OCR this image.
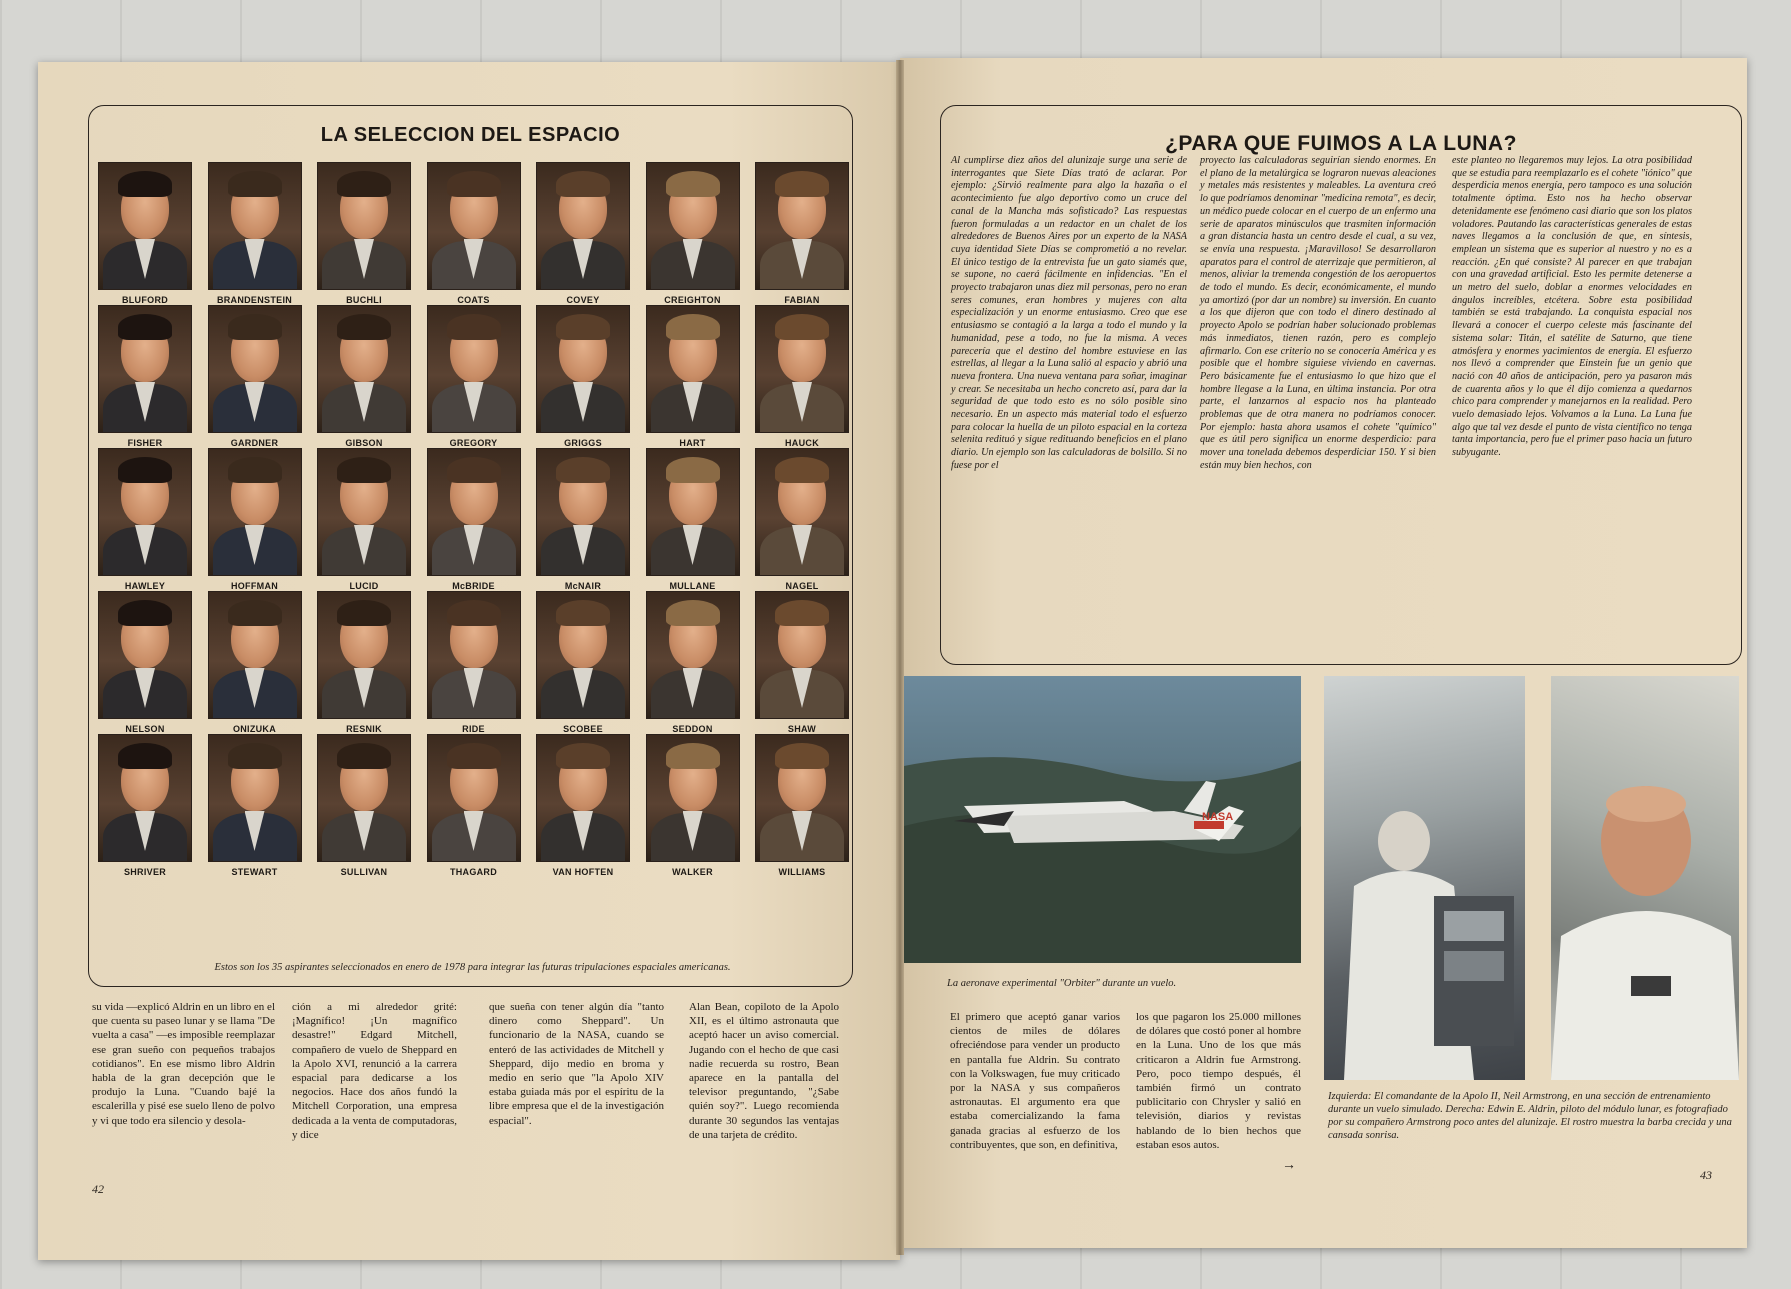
LA SELECCION DEL ESPACIO
BLUFORD	BRANDENSTEIN	BUCHLI	COATS	COVEY	CREIGHTON	FABIAN
FISHER	GARDNER	GIBSON	GREGORY	GRIGGS	HART	HAUCK
HAWLEY	HOFFMAN	LUCID	McBRIDE	McNAIR	MULLANE	NAGEL
NELSON	ONIZUKA	RESNIK	RIDE	SCOBEE	SEDDON	SHAW
SHRIVER	STEWART	SULLIVAN	THAGARD	VAN HOFTEN	WALKER	WILLIAMS
Estos son los 35 aspirantes seleccionados en enero de 1978 para integrar las futuras tripulaciones espaciales americanas.
su vida —explicó Aldrin en un libro en el que cuenta su paseo lunar y se llama "De vuelta a casa" —es imposible reemplazar ese gran sueño con pequeños trabajos cotidianos". En ese mismo libro Aldrin habla de la gran decepción que le produjo la Luna. "Cuando bajé la escalerilla y pisé ese suelo lleno de polvo y vi que todo era silencio y desola-
ción a mi alrededor grité: ¡Magnífico! ¡Un magnífico desastre!" Edgard Mitchell, compañero de vuelo de Sheppard en la Apolo XVI, renunció a la carrera espacial para dedicarse a los negocios. Hace dos años fundó la Mitchell Corporation, una empresa dedicada a la venta de computadoras, y dice
que sueña con tener algún día "tanto dinero como Sheppard". Un funcionario de la NASA, cuando se enteró de las actividades de Mitchell y Sheppard, dijo medio en broma y medio en serio que "la Apolo XIV estaba guiada más por el espíritu de la libre empresa que el de la investigación espacial".
Alan Bean, copiloto de la Apolo XII, es el último astronauta que aceptó hacer un aviso comercial. Jugando con el hecho de que casi nadie recuerda su rostro, Bean aparece en la pantalla del televisor preguntando, "¿Sabe quién soy?". Luego recomienda durante 30 segundos las ventajas de una tarjeta de crédito.
42
¿PARA QUE FUIMOS A LA LUNA?
Al cumplirse diez años del alunizaje surge una serie de interrogantes que Siete Días trató de aclarar. Por ejemplo: ¿Sirvió realmente para algo la hazaña o el acontecimiento fue algo deportivo como un cruce del canal de la Mancha más sofisticado? Las respuestas fueron formuladas a un redactor en un chalet de los alrededores de Buenos Aires por un experto de la NASA cuya identidad Siete Días se comprometió a no revelar. El único testigo de la entrevista fue un gato siamés que, se supone, no caerá fácilmente en infidencias. "En el proyecto trabajaron unas diez mil personas, pero no eran seres comunes, eran hombres y mujeres con alta especialización y un enorme entusiasmo. Creo que ese entusiasmo se contagió a la larga a todo el mundo y la humanidad, pese a todo, no fue la misma. A veces parecería que el destino del hombre estuviese en las estrellas, al llegar a la Luna salió al espacio y abrió una nueva frontera. Una nueva ventana para soñar, imaginar y crear. Se necesitaba un hecho concreto así, para dar la seguridad de que todo esto es no sólo posible sino necesario. En un aspecto más material todo el esfuerzo para colocar la huella de un piloto espacial en la corteza selenita redituó y sigue redituando beneficios en el plano diario. Un ejemplo son las calculadoras de bolsillo. Si no fuese por el
proyecto las calculadoras seguirían siendo enormes. En el plano de la metalúrgica se lograron nuevas aleaciones y metales más resistentes y maleables. La aventura creó lo que podríamos denominar "medicina remota", es decir, un médico puede colocar en el cuerpo de un enfermo una serie de aparatos minúsculos que trasmiten información a gran distancia hasta un centro desde el cual, a su vez, se envía una respuesta. ¡Maravilloso! Se desarrollaron aparatos para el control de aterrizaje que permitieron, al menos, aliviar la tremenda congestión de los aeropuertos de todo el mundo. Es decir, económicamente, el mundo ya amortizó (por dar un nombre) su inversión. En cuanto a los que dijeron que con todo el dinero destinado al proyecto Apolo se podrían haber solucionado problemas más inmediatos, tienen razón, pero es complejo afirmarlo. Con ese criterio no se conocería América y es posible que el hombre siguiese viviendo en cavernas. Pero básicamente fue el entusiasmo lo que hizo que el hombre llegase a la Luna, en última instancia. Por otra parte, el lanzarnos al espacio nos ha planteado problemas que de otra manera no podríamos conocer. Por ejemplo: hasta ahora usamos el cohete "químico" que es útil pero significa un enorme desperdicio: para mover una tonelada debemos desperdiciar 150. Y si bien están muy bien hechos, con
este planteo no llegaremos muy lejos. La otra posibilidad que se estudia para reemplazarlo es el cohete "iónico" que desperdicia menos energía, pero tampoco es una solución totalmente óptima. Esto nos ha hecho observar detenidamente ese fenómeno casi diario que son los platos voladores. Pautando las características generales de estas naves llegamos a la conclusión de que, en síntesis, emplean un sistema que es superior al nuestro y no es a reacción. ¿En qué consiste? Al parecer en que trabajan con una gravedad artificial. Esto les permite detenerse a un metro del suelo, doblar a enormes velocidades en ángulos increíbles, etcétera. Sobre esta posibilidad también se está trabajando. La conquista espacial nos llevará a conocer el cuerpo celeste más fascinante del sistema solar: Titán, el satélite de Saturno, que tiene atmósfera y enormes yacimientos de energía. El esfuerzo nos llevó a comprender que Einstein fue un genio que nació con 40 años de anticipación, pero ya pasaron más de cuarenta años y lo que él dijo comienza a quedarnos chico para comprender y manejarnos en la realidad. Pero vuelo demasiado lejos. Volvamos a la Luna. La Luna fue algo que tal vez desde el punto de vista científico no tenga tanta importancia, pero fue el primer paso hacia un futuro subyugante.
NASA
La aeronave experimental "Orbiter" durante un vuelo.
El primero que aceptó ganar varios cientos de miles de dólares ofreciéndose para vender un producto en pantalla fue Aldrin. Su contrato con la Volkswagen, fue muy criticado por la NASA y sus compañeros astronautas. El argumento era que estaba comercializando la fama ganada gracias al esfuerzo de los contribuyentes, que son, en definitiva,
los que pagaron los 25.000 millones de dólares que costó poner al hombre en la Luna. Uno de los que más criticaron a Aldrin fue Armstrong. Pero, poco tiempo después, él también firmó un contrato publicitario con Chrysler y salió en televisión, diarios y revistas hablando de lo bien hechos que estaban esos autos.
→
Izquierda: El comandante de la Apolo II, Neil Armstrong, en una sección de entrenamiento durante un vuelo simulado. Derecha: Edwin E. Aldrin, piloto del módulo lunar, es fotografiado por su compañero Armstrong poco antes del alunizaje. El rostro muestra la barba crecida y una cansada sonrisa.
43
